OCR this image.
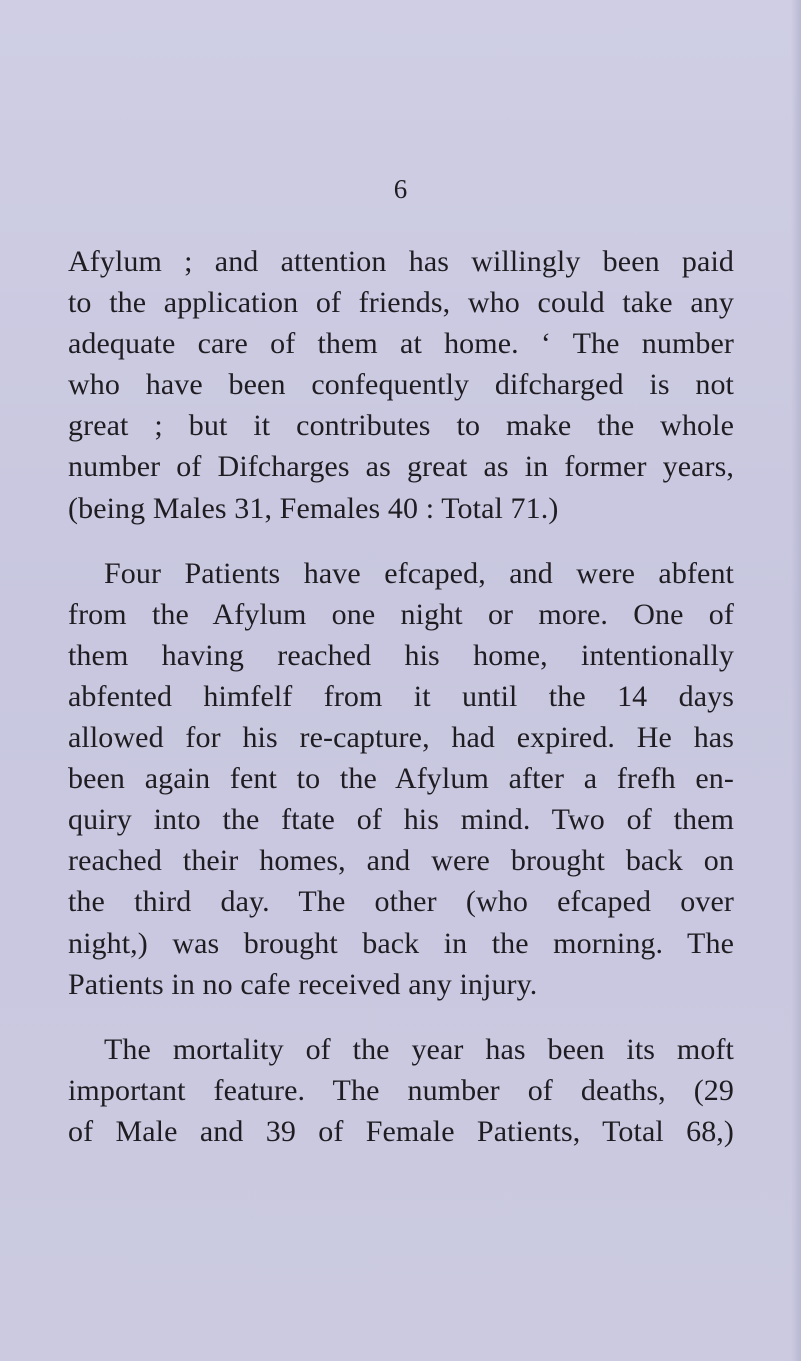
6

Afylum ; and attention has willingly been paid
to the application of friends, who could take any
adequate care of them at home. ‘ The number
who have been confequently difcharged is not
great ; but it contributes to make the whole
number of Difcharges as great as in former years,
(being Males 31, Females 40 : Total 71.)

Four Patients have efcaped, and were abfent
from the Afylum one night or more. One of
them having reached his home, intentionally
abfented himfelf from it until the 14 days
allowed for his re-capture, had expired. He has
been again fent to the Afylum after a frefh en-
quiry into the ftate of his mind. Two of them
reached their homes, and were brought back on
the third day. The other (who efcaped over
night,) was brought back in the morning. The
Patients in no cafe received any injury.

The mortality of the year has been its moft
important feature. The number of deaths, (29
of Male and 39 of Female Patients, Total 68,)
